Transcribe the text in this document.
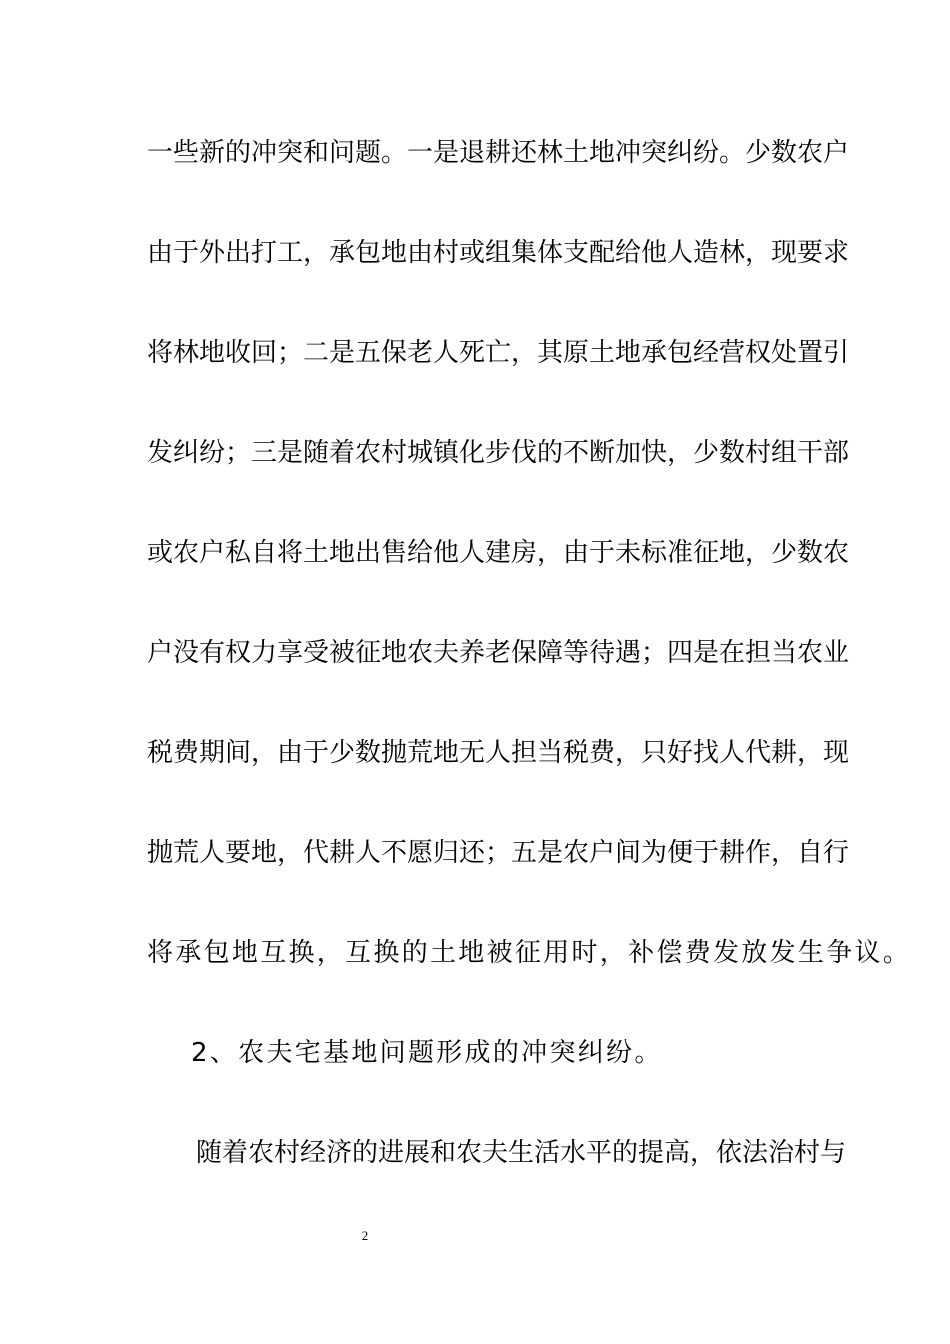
一些新的冲突和问题。一是退耕还林土地冲突纠纷。少数农户
由于外出打工，承包地由村或组集体支配给他人造林，现要求
将林地收回；二是五保老人死亡，其原土地承包经营权处置引
发纠纷；三是随着农村城镇化步伐的不断加快，少数村组干部
或农户私自将土地出售给他人建房，由于未标准征地，少数农
户没有权力享受被征地农夫养老保障等待遇；四是在担当农业
税费期间，由于少数抛荒地无人担当税费，只好找人代耕，现
抛荒人要地，代耕人不愿归还；五是农户间为便于耕作，自行
将承包地互换，互换的土地被征用时，补偿费发放发生争议。
2、农夫宅基地问题形成的冲突纠纷。
随着农村经济的进展和农夫生活水平的提高，依法治村与
2
